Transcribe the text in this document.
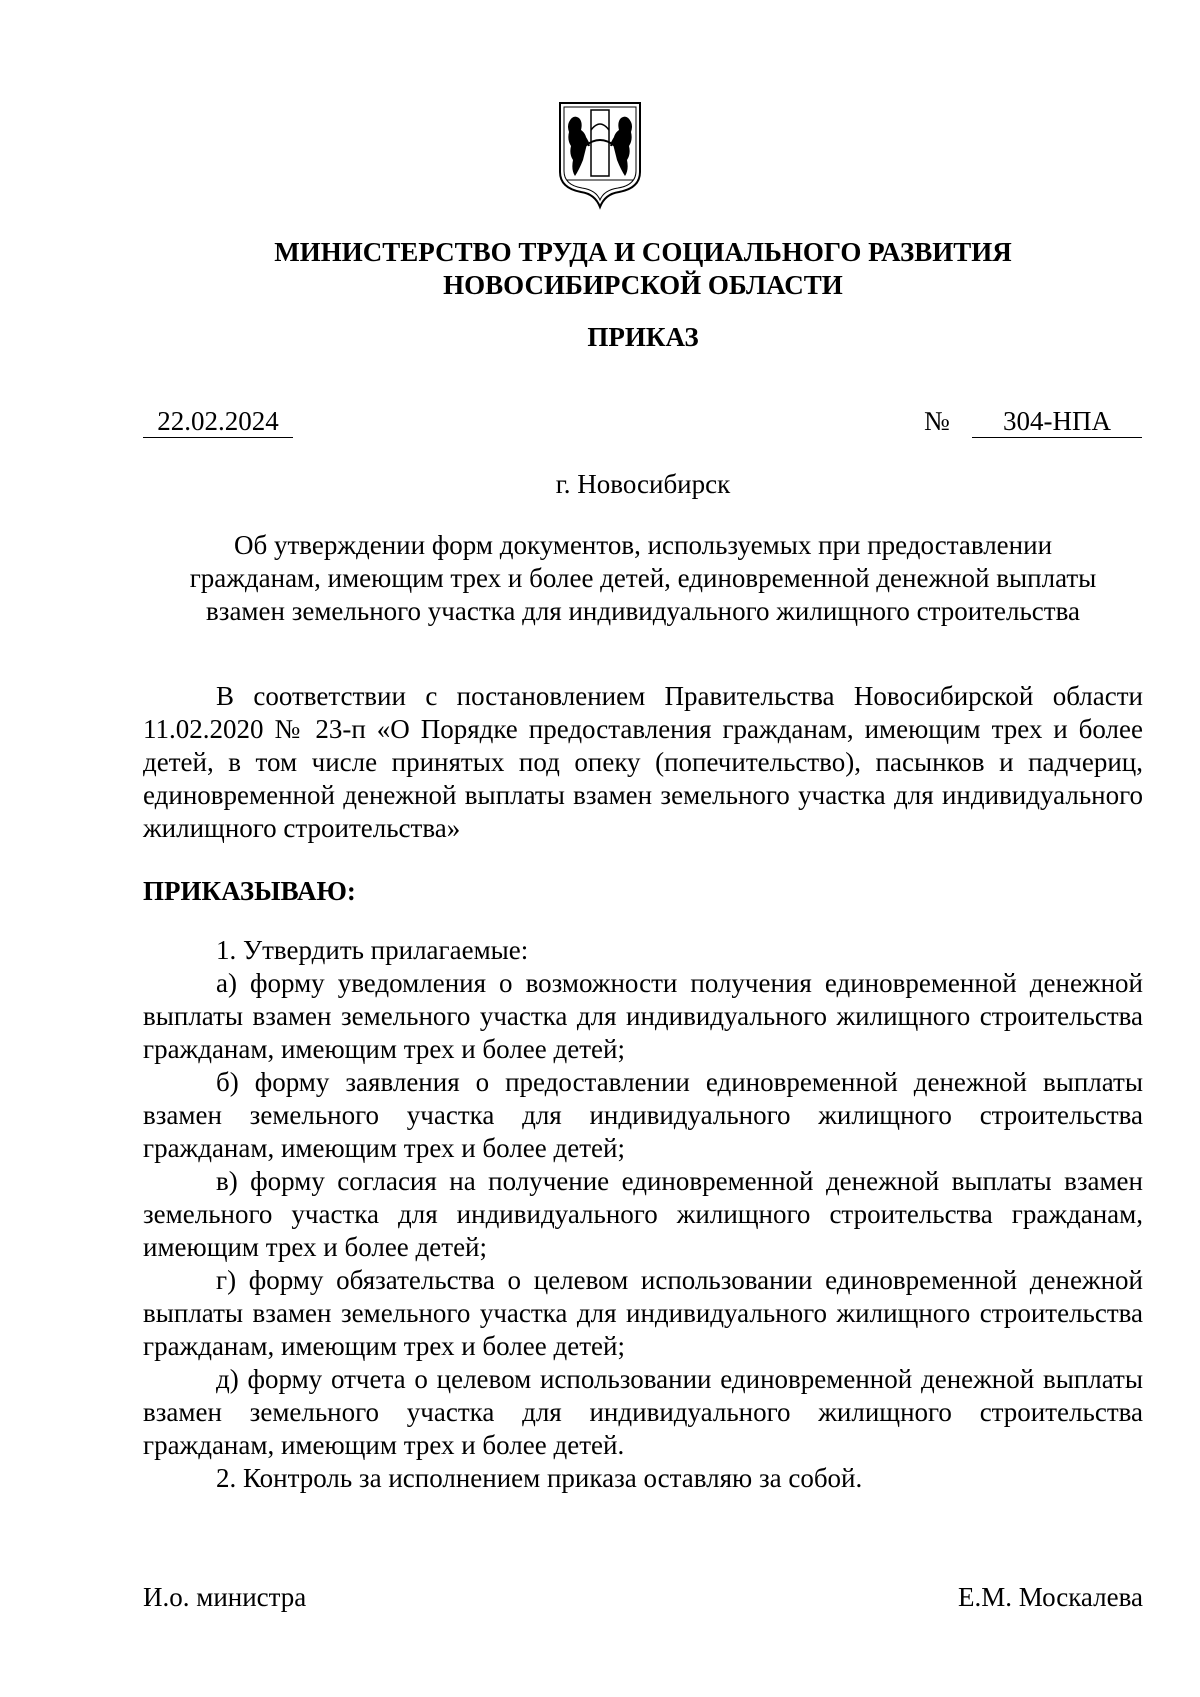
МИНИСТЕРСТВО ТРУДА И СОЦИАЛЬНОГО РАЗВИТИЯ
НОВОСИБИРСКОЙ ОБЛАСТИ
ПРИКАЗ
22.02.2024	№	304-НПА
г. Новосибирск
Об утверждении форм документов, используемых при предоставлении
гражданам, имеющим трех и более детей, единовременной денежной выплаты
взамен земельного участка для индивидуального жилищного строительства

В соответствии с постановлением Правительства Новосибирской области 11.02.2020 № 23-п «О Порядке предоставления гражданам, имеющим трех и более детей, в том числе принятых под опеку (попечительство), пасынков и падчериц, единовременной денежной выплаты взамен земельного участка для индивидуального жилищного строительства»

ПРИКАЗЫВАЮ:

1. Утвердить прилагаемые:

а) форму уведомления о возможности получения единовременной денежной выплаты взамен земельного участка для индивидуального жилищного строительства гражданам, имеющим трех и более детей;

б) форму заявления о предоставлении единовременной денежной выплаты взамен земельного участка для индивидуального жилищного строительства гражданам, имеющим трех и более детей;

в) форму согласия на получение единовременной денежной выплаты взамен земельного участка для индивидуального жилищного строительства гражданам, имеющим трех и более детей;

г) форму обязательства о целевом использовании единовременной денежной выплаты взамен земельного участка для индивидуального жилищного строительства гражданам, имеющим трех и более детей;

д) форму отчета о целевом использовании единовременной денежной выплаты взамен земельного участка для индивидуального жилищного строительства гражданам, имеющим трех и более детей.

2. Контроль за исполнением приказа оставляю за собой.

И.о. министра	Е.М. Москалева
